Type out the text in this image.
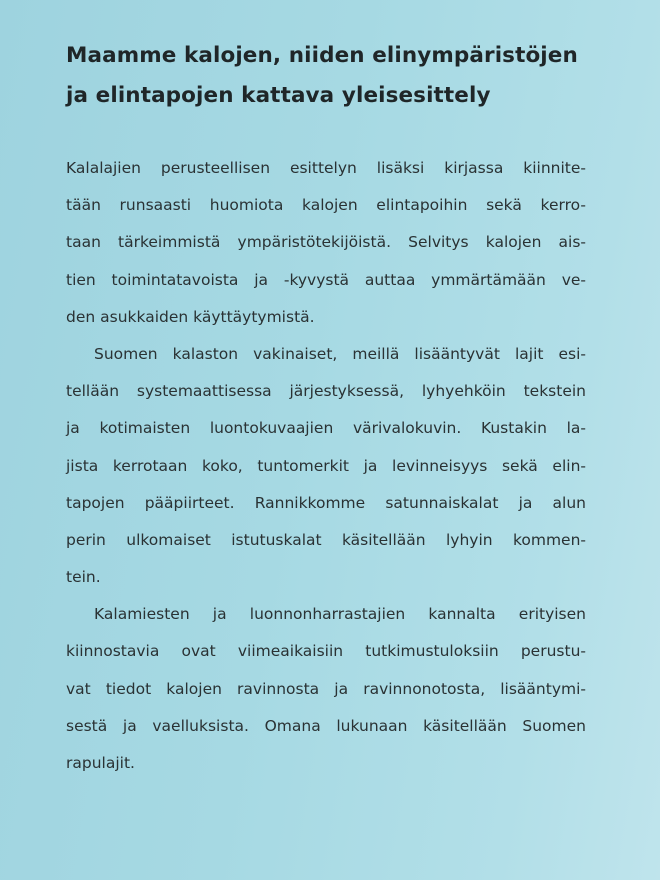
Maamme kalojen, niiden elinympäristöjen
ja elintapojen kattava yleisesittely

Kalalajien perusteellisen esittelyn lisäksi kirjassa kiinnite-
tään runsaasti huomiota kalojen elintapoihin sekä kerro-
taan tärkeimmistä ympäristötekijöistä. Selvitys kalojen ais-
tien toimintatavoista ja -kyvystä auttaa ymmärtämään ve-
den asukkaiden käyttäytymistä.

Suomen kalaston vakinaiset, meillä lisääntyvät lajit esi-
tellään systemaattisessa järjestyksessä, lyhyehköin tekstein
ja kotimaisten luontokuvaajien värivalokuvin. Kustakin la-
jista kerrotaan koko, tuntomerkit ja levinneisyys sekä elin-
tapojen pääpiirteet. Rannikkomme satunnaiskalat ja alun
perin ulkomaiset istutuskalat käsitellään lyhyin kommen-
tein.

Kalamiesten ja luonnonharrastajien kannalta erityisen
kiinnostavia ovat viimeaikaisiin tutkimustuloksiin perustu-
vat tiedot kalojen ravinnosta ja ravinnonotosta, lisääntymi-
sestä ja vaelluksista. Omana lukunaan käsitellään Suomen
rapulajit.
